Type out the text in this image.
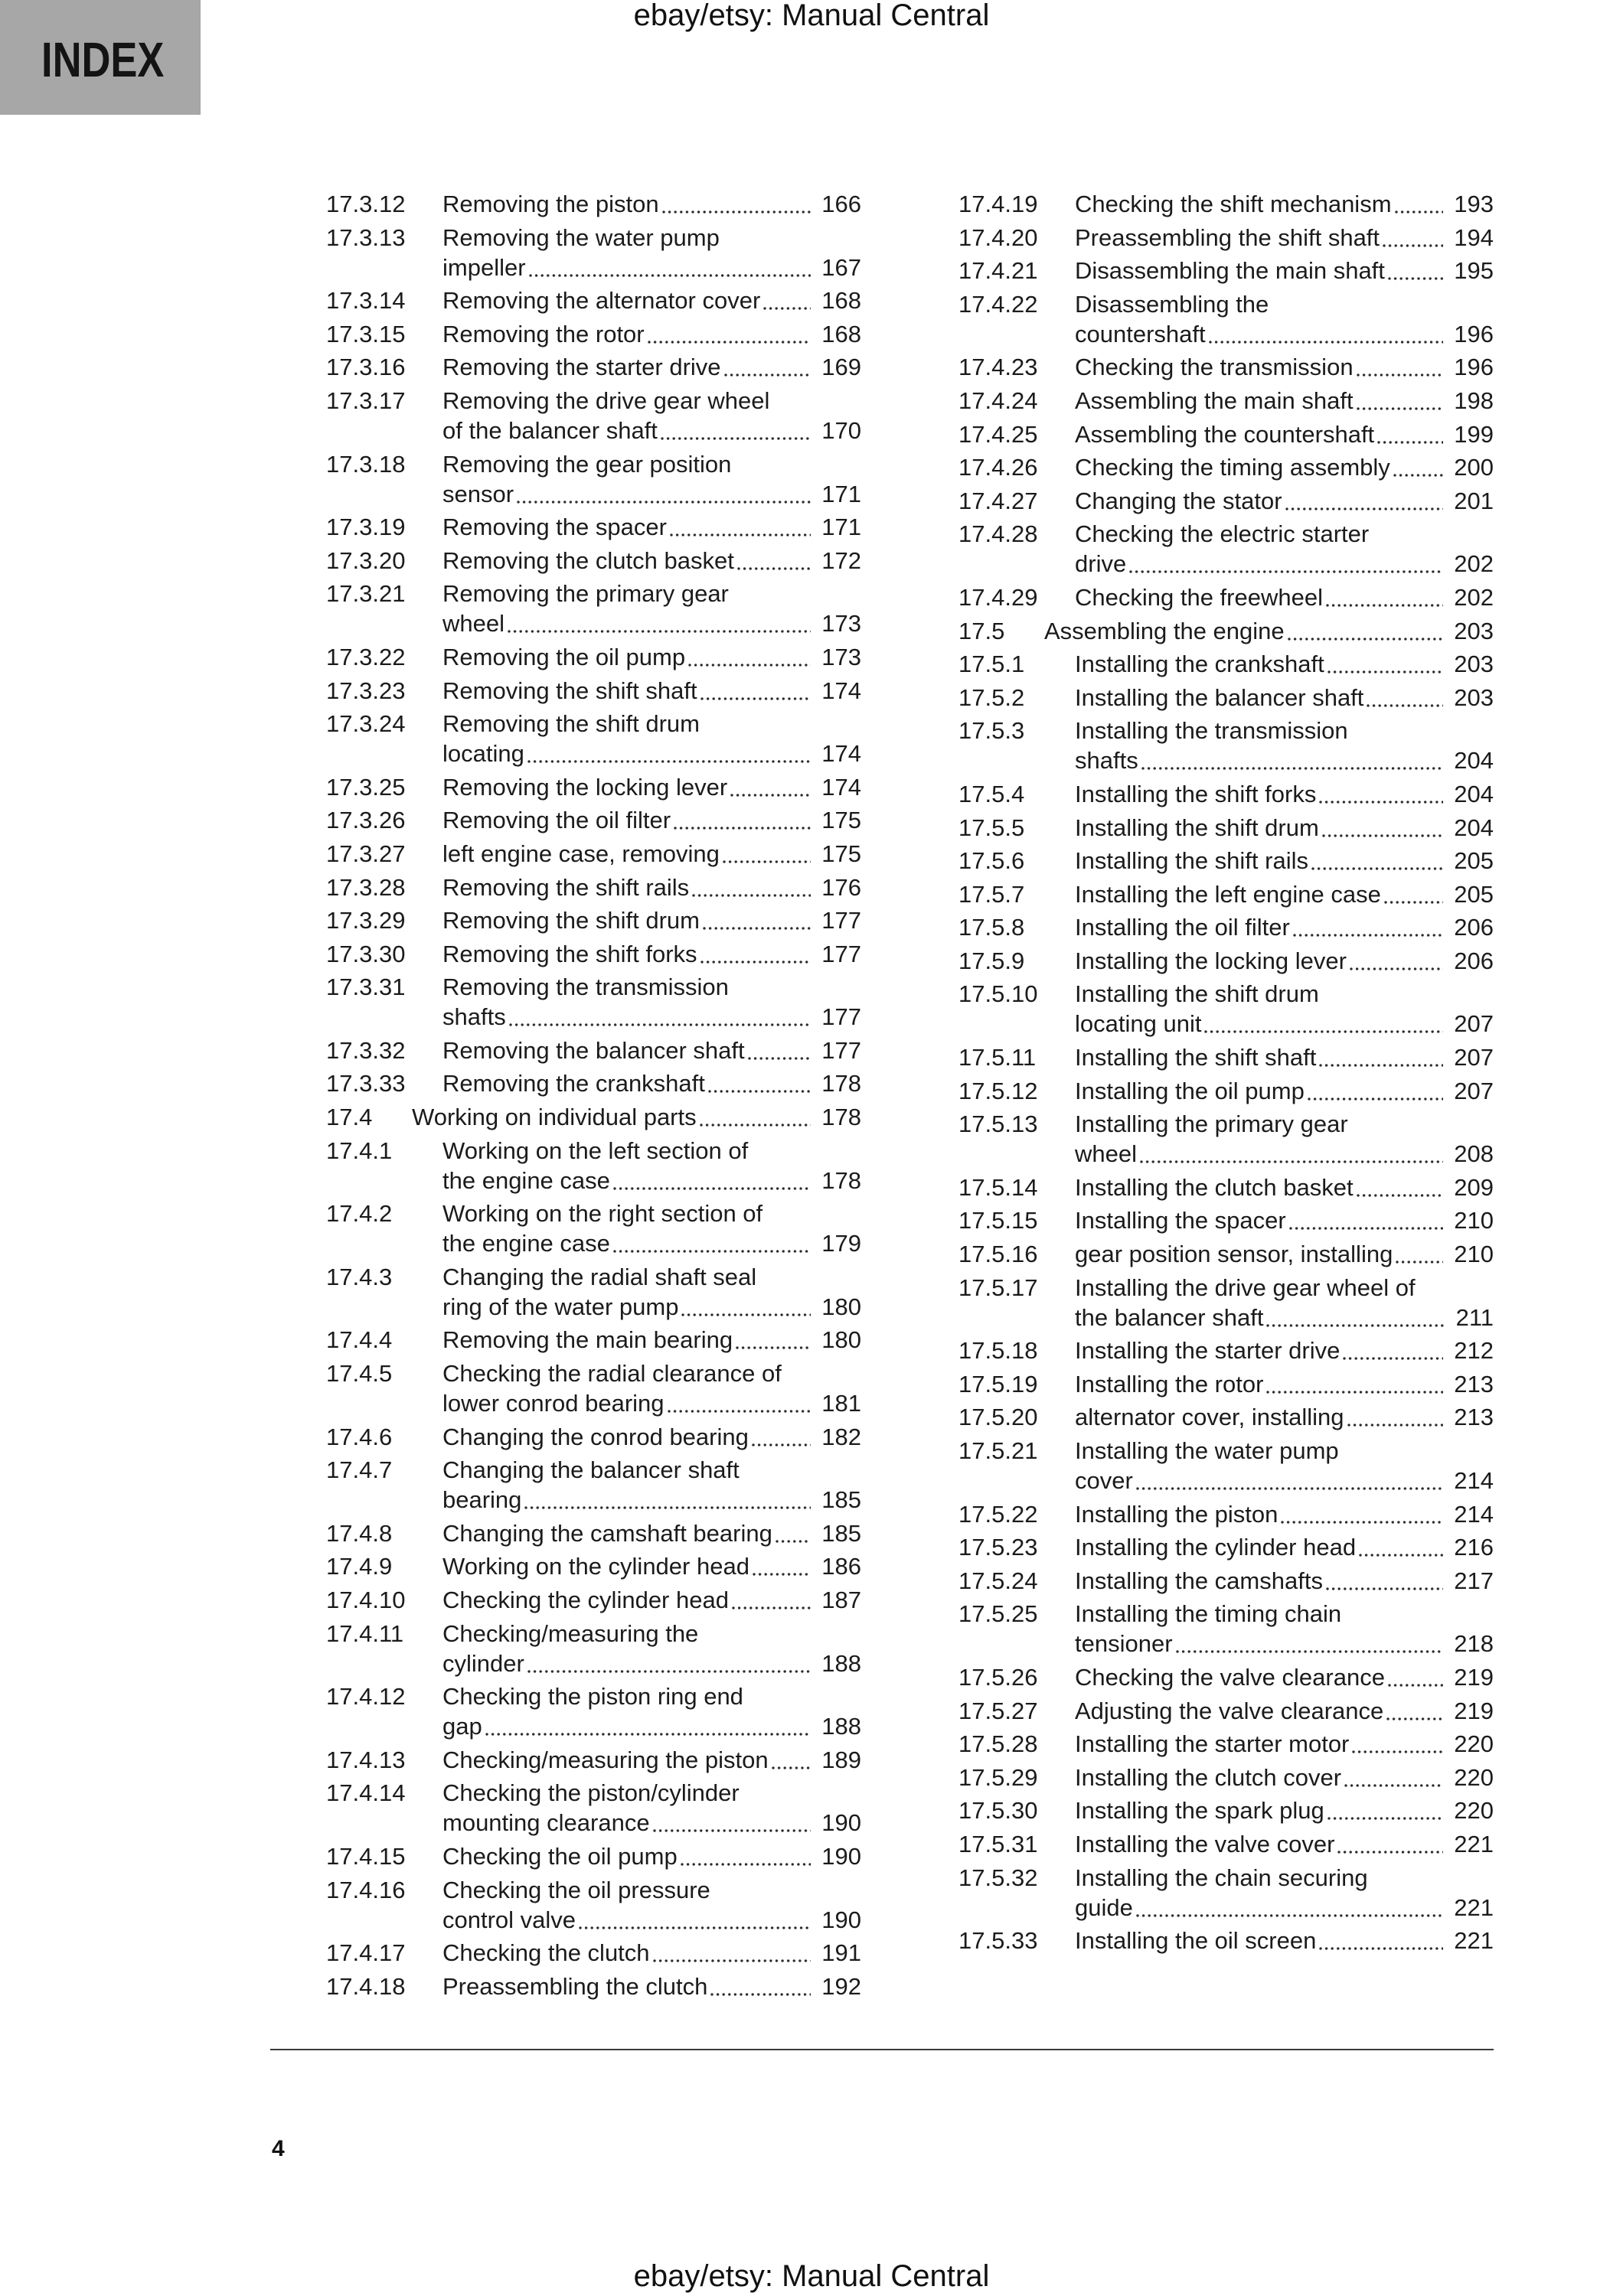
INDEX
ebay/etsy: Manual Central
17.3.12	Removing the piston	166
17.3.13	Removing the water pump
impeller	167
17.3.14	Removing the alternator cover	168
17.3.15	Removing the rotor	168
17.3.16	Removing the starter drive	169
17.3.17	Removing the drive gear wheel
of the balancer shaft	170
17.3.18	Removing the gear position
sensor	171
17.3.19	Removing the spacer	171
17.3.20	Removing the clutch basket	172
17.3.21	Removing the primary gear
wheel	173
17.3.22	Removing the oil pump	173
17.3.23	Removing the shift shaft	174
17.3.24	Removing the shift drum
locating	174
17.3.25	Removing the locking lever	174
17.3.26	Removing the oil filter	175
17.3.27	left engine case, removing	175
17.3.28	Removing the shift rails	176
17.3.29	Removing the shift drum	177
17.3.30	Removing the shift forks	177
17.3.31	Removing the transmission
shafts	177
17.3.32	Removing the balancer shaft	177
17.3.33	Removing the crankshaft	178
17.4	Working on individual parts	178
17.4.1	Working on the left section of
the engine case	178
17.4.2	Working on the right section of
the engine case	179
17.4.3	Changing the radial shaft seal
ring of the water pump	180
17.4.4	Removing the main bearing	180
17.4.5	Checking the radial clearance of
lower conrod bearing	181
17.4.6	Changing the conrod bearing	182
17.4.7	Changing the balancer shaft
bearing	185
17.4.8	Changing the camshaft bearing 185
17.4.9	Working on the cylinder head	186
17.4.10	Checking the cylinder head	187
17.4.11	Checking/measuring the
cylinder	188
17.4.12	Checking the piston ring end
gap	188
17.4.13	Checking/measuring the piston 189
17.4.14	Checking the piston/cylinder
mounting clearance	190
17.4.15	Checking the oil pump	190
17.4.16	Checking the oil pressure
control valve	190
17.4.17	Checking the clutch	191
17.4.18	Preassembling the clutch	192
17.4.19	Checking the shift mechanism	193
17.4.20	Preassembling the shift shaft	194
17.4.21	Disassembling the main shaft	195
17.4.22	Disassembling the
countershaft	196
17.4.23	Checking the transmission	196
17.4.24	Assembling the main shaft	198
17.4.25	Assembling the countershaft	199
17.4.26	Checking the timing assembly	200
17.4.27	Changing the stator	201
17.4.28	Checking the electric starter
drive	202
17.4.29	Checking the freewheel	202
17.5	Assembling the engine	203
17.5.1	Installing the crankshaft	203
17.5.2	Installing the balancer shaft	203
17.5.3	Installing the transmission
shafts	204
17.5.4	Installing the shift forks	204
17.5.5	Installing the shift drum	204
17.5.6	Installing the shift rails	205
17.5.7	Installing the left engine case	205
17.5.8	Installing the oil filter	206
17.5.9	Installing the locking lever	206
17.5.10	Installing the shift drum
locating unit	207
17.5.11	Installing the shift shaft	207
17.5.12	Installing the oil pump	207
17.5.13	Installing the primary gear
wheel	208
17.5.14	Installing the clutch basket	209
17.5.15	Installing the spacer	210
17.5.16	gear position sensor, installing	210
17.5.17	Installing the drive gear wheel of
the balancer shaft	211
17.5.18	Installing the starter drive	212
17.5.19	Installing the rotor	213
17.5.20	alternator cover, installing	213
17.5.21	Installing the water pump
cover	214
17.5.22	Installing the piston	214
17.5.23	Installing the cylinder head	216
17.5.24	Installing the camshafts	217
17.5.25	Installing the timing chain
tensioner	218
17.5.26	Checking the valve clearance	219
17.5.27	Adjusting the valve clearance	219
17.5.28	Installing the starter motor	220
17.5.29	Installing the clutch cover	220
17.5.30	Installing the spark plug	220
17.5.31	Installing the valve cover	221
17.5.32	Installing the chain securing
guide	221
17.5.33	Installing the oil screen	221
4
ebay/etsy: Manual Central
